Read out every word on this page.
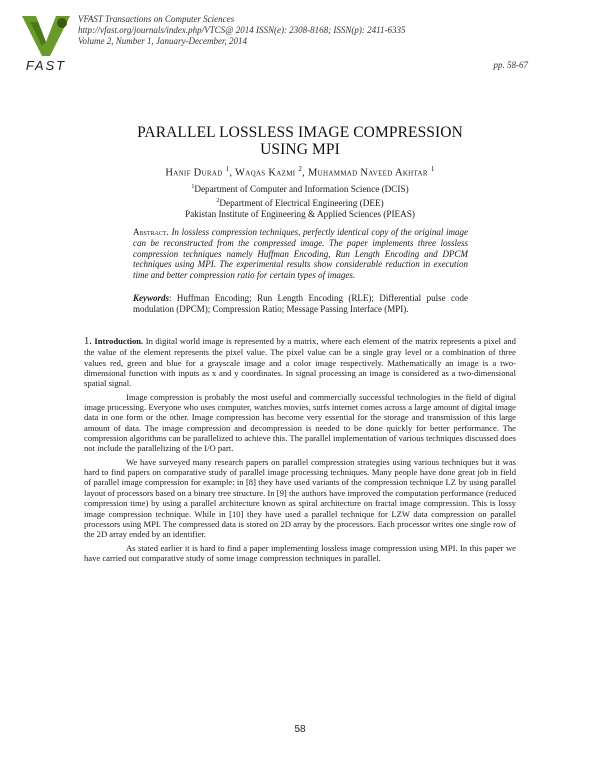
FAST
VFAST Transactions on Computer Sciences
http://vfast.org/journals/index.php/VTCS@ 2014 ISSN(e): 2308-8168; ISSN(p): 2411-6335
Volume 2, Number 1, January-December, 2014
pp. 58-67
PARALLEL LOSSLESS IMAGE COMPRESSION
USING MPI
Hanif Durad $^1$, Waqas Kazmi $^2$, Muhammad Naveed Akhtar $^1$
$^1$Department of Computer and Information Science (DCIS)
$^2$Department of Electrical Engineering (DEE)
Pakistan Institute of Engineering & Applied Sciences (PIEAS)
Abstract. In lossless compression techniques, perfectly identical copy of the original image can be reconstructed from the compressed image. The paper implements three lossless compression techniques namely Huffman Encoding, Run Length Encoding and DPCM techniques using MPI. The experimental results show considerable reduction in execution time and better compression ratio for certain types of images.
Keywords: Huffman Encoding; Run Length Encoding (RLE); Differential pulse code modulation (DPCM); Compression Ratio; Message Passing Interface (MPI).

1. Introduction. In digital world image is represented by a matrix, where each element of the matrix represents a pixel and the value of the element represents the pixel value. The pixel value can be a single gray level or a combination of three values red, green and blue for a grayscale image and a color image respectively. Mathematically an image is a two-dimensional function with inputs as x and y coordinates. In signal processing an image is considered as a two-dimensional spatial signal.

Image compression is probably the most useful and commercially successful technologies in the field of digital image processing. Everyone who uses computer, watches movies, surfs internet comes across a large amount of digital image data in one form or the other. Image compression has become very essential for the storage and transmission of this large amount of data. The image compression and decompression is needed to be done quickly for better performance. The compression algorithms can be parallelized to achieve this. The parallel implementation of various techniques discussed does not include the parallelizing of the I/O part.

We have surveyed many research papers on parallel compression strategies using various techniques but it was hard to find papers on comparative study of parallel image processing techniques. Many people have done great job in field of parallel image compression for example: in [8] they have used variants of the compression technique LZ by using parallel layout of processors based on a binary tree structure. In [9] the authors have improved the computation performance (reduced compression time) by using a parallel architecture known as spiral architecture on fractal image compression. This is lossy image compression technique. While in [10] they have used a parallel technique for LZW data compression on parallel processors using MPI. The compressed data is stored on 2D array by the processors. Each processor writes one single row of the 2D array ended by an identifier.

As stated earlier it is hard to find a paper implementing lossless image compression using MPI. In this paper we have carried out comparative study of some image compression techniques in parallel.

58
